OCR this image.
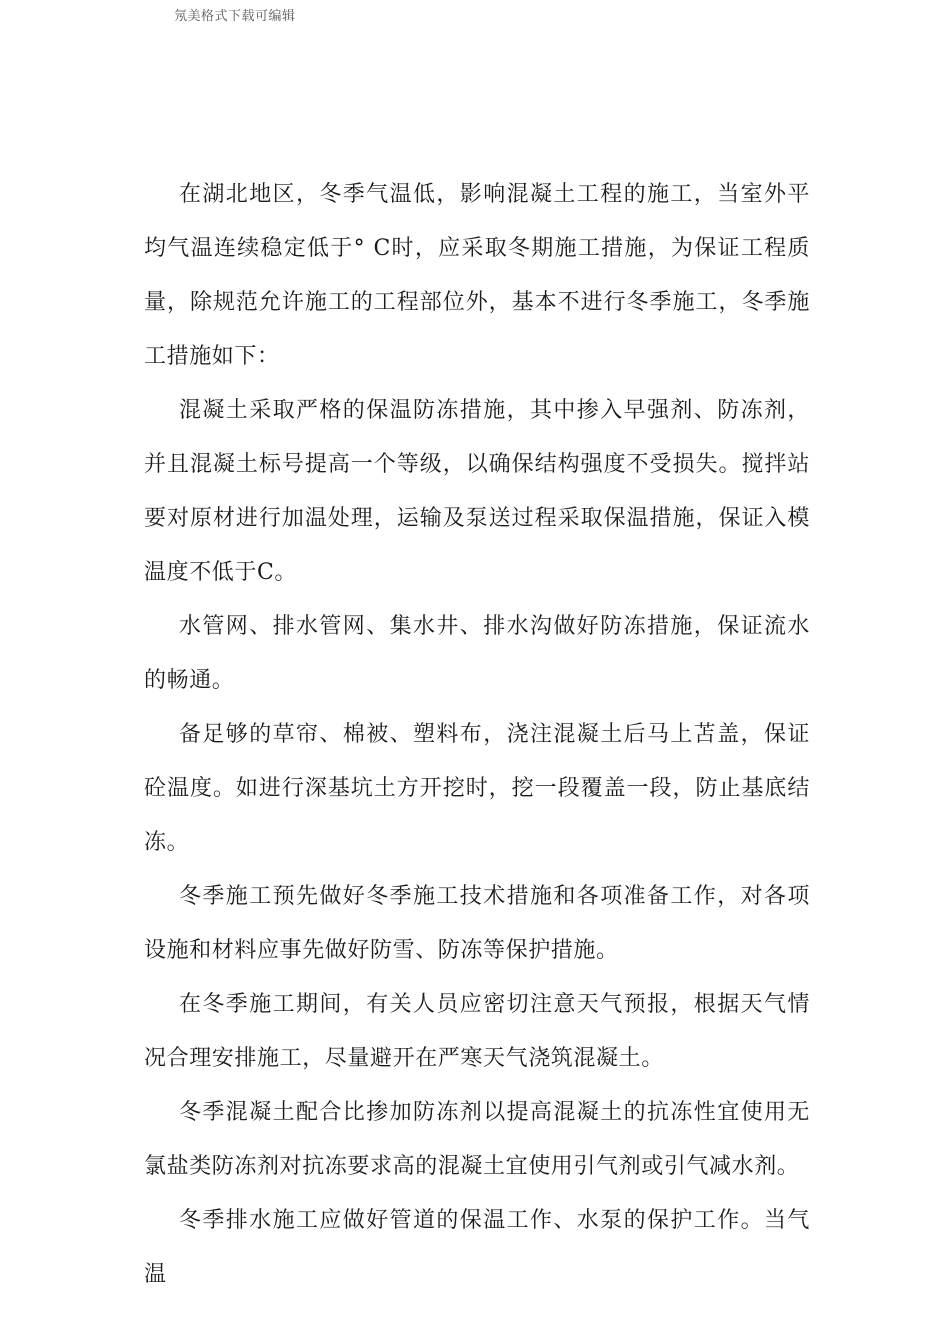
氖美格式下载可编辑

在湖北地区，冬季气温低，影响混凝土工程的施工，当室外平均气温连续稳定低于° C时，应采取冬期施工措施，为保证工程质量，除规范允许施工的工程部位外，基本不进行冬季施工，冬季施工措施如下：

混凝土采取严格的保温防冻措施，其中掺入早强剂、防冻剂，并且混凝土标号提高一个等级，以确保结构强度不受损失。搅拌站要对原材进行加温处理，运输及泵送过程采取保温措施，保证入模温度不低于C。

水管网、排水管网、集水井、排水沟做好防冻措施，保证流水的畅通。

备足够的草帘、棉被、塑料布，浇注混凝土后马上苫盖，保证砼温度。如进行深基坑土方开挖时，挖一段覆盖一段，防止基底结冻。

冬季施工预先做好冬季施工技术措施和各项准备工作，对各项设施和材料应事先做好防雪、防冻等保护措施。

在冬季施工期间，有关人员应密切注意天气预报，根据天气情况合理安排施工，尽量避开在严寒天气浇筑混凝土。

冬季混凝土配合比掺加防冻剂以提高混凝土的抗冻性宜使用无氯盐类防冻剂对抗冻要求高的混凝土宜使用引气剂或引气减水剂。

冬季排水施工应做好管道的保温工作、水泵的保护工作。当气温
